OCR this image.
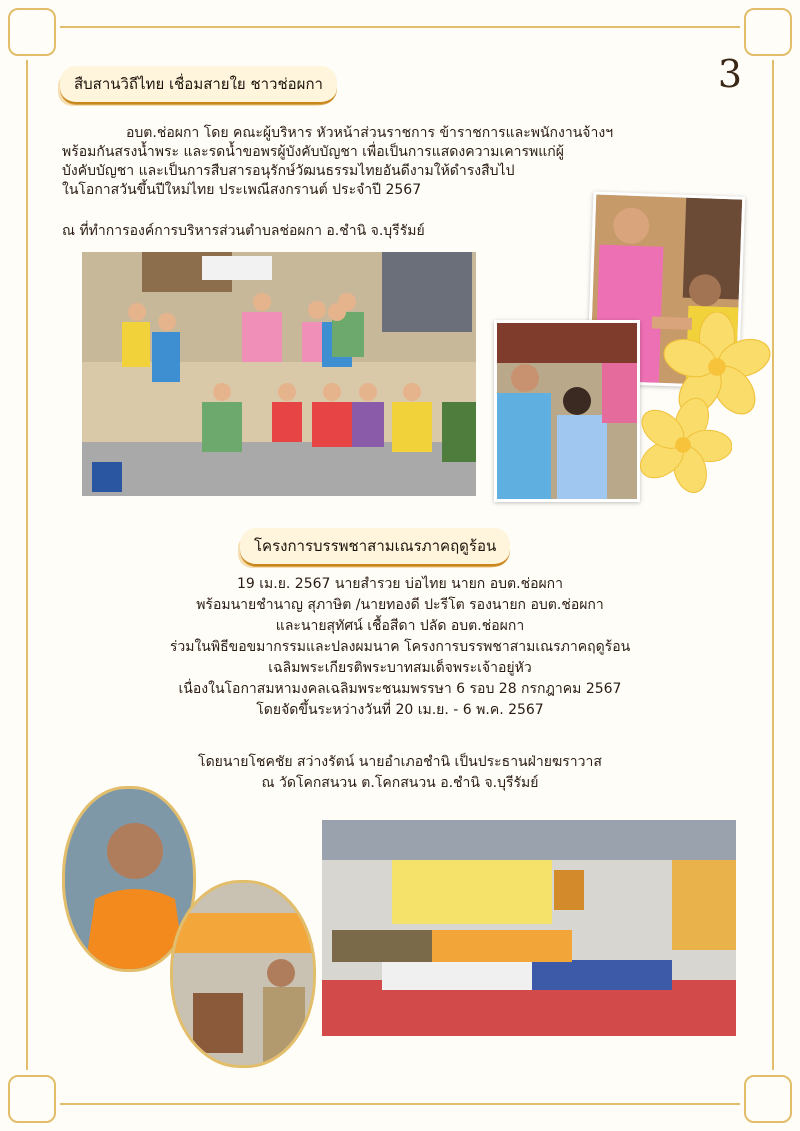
3
สืบสานวิถีไทย เชื่อมสายใย ชาวช่อผกา
อบต.ช่อผกา โดย คณะผู้บริหาร หัวหน้าส่วนราชการ ข้าราชการและพนักงานจ้างฯ
พร้อมกันสรงน้ำพระ และรดน้ำขอพรผู้บังคับบัญชา เพื่อเป็นการแสดงความเคารพแก่ผู้
บังคับบัญชา และเป็นการสืบสารอนุรักษ์วัฒนธรรมไทยอันดีงามให้ดำรงสืบไป
ในโอกาสวันขึ้นปีใหม่ไทย ประเพณีสงกรานต์ ประจำปี 2567
ณ ที่ทำการองค์การบริหารส่วนตำบลช่อผกา อ.ชำนิ จ.บุรีรัมย์
โครงการบรรพชาสามเณรภาคฤดูร้อน
19 เม.ย. 2567 นายสำรวย บ่อไทย นายก อบต.ช่อผกา
พร้อมนายชำนาญ สุภาษิต /นายทองดี ปะรีโต รองนายก อบต.ช่อผกา
และนายสุทัศน์ เชื้อสีดา ปลัด อบต.ช่อผกา
ร่วมในพิธีขอขมากรรมและปลงผมนาค โครงการบรรพชาสามเณรภาคฤดูร้อน
เฉลิมพระเกียรติพระบาทสมเด็จพระเจ้าอยู่หัว
เนื่องในโอกาสมหามงคลเฉลิมพระชนมพรรษา 6 รอบ 28 กรกฎาคม 2567
โดยจัดขึ้นระหว่างวันที่ 20 เม.ย. - 6 พ.ค. 2567
โดยนายโชคชัย สว่างรัตน์ นายอำเภอชำนิ เป็นประธานฝ่ายฆราวาส
ณ วัดโคกสนวน ต.โคกสนวน อ.ชำนิ จ.บุรีรัมย์
